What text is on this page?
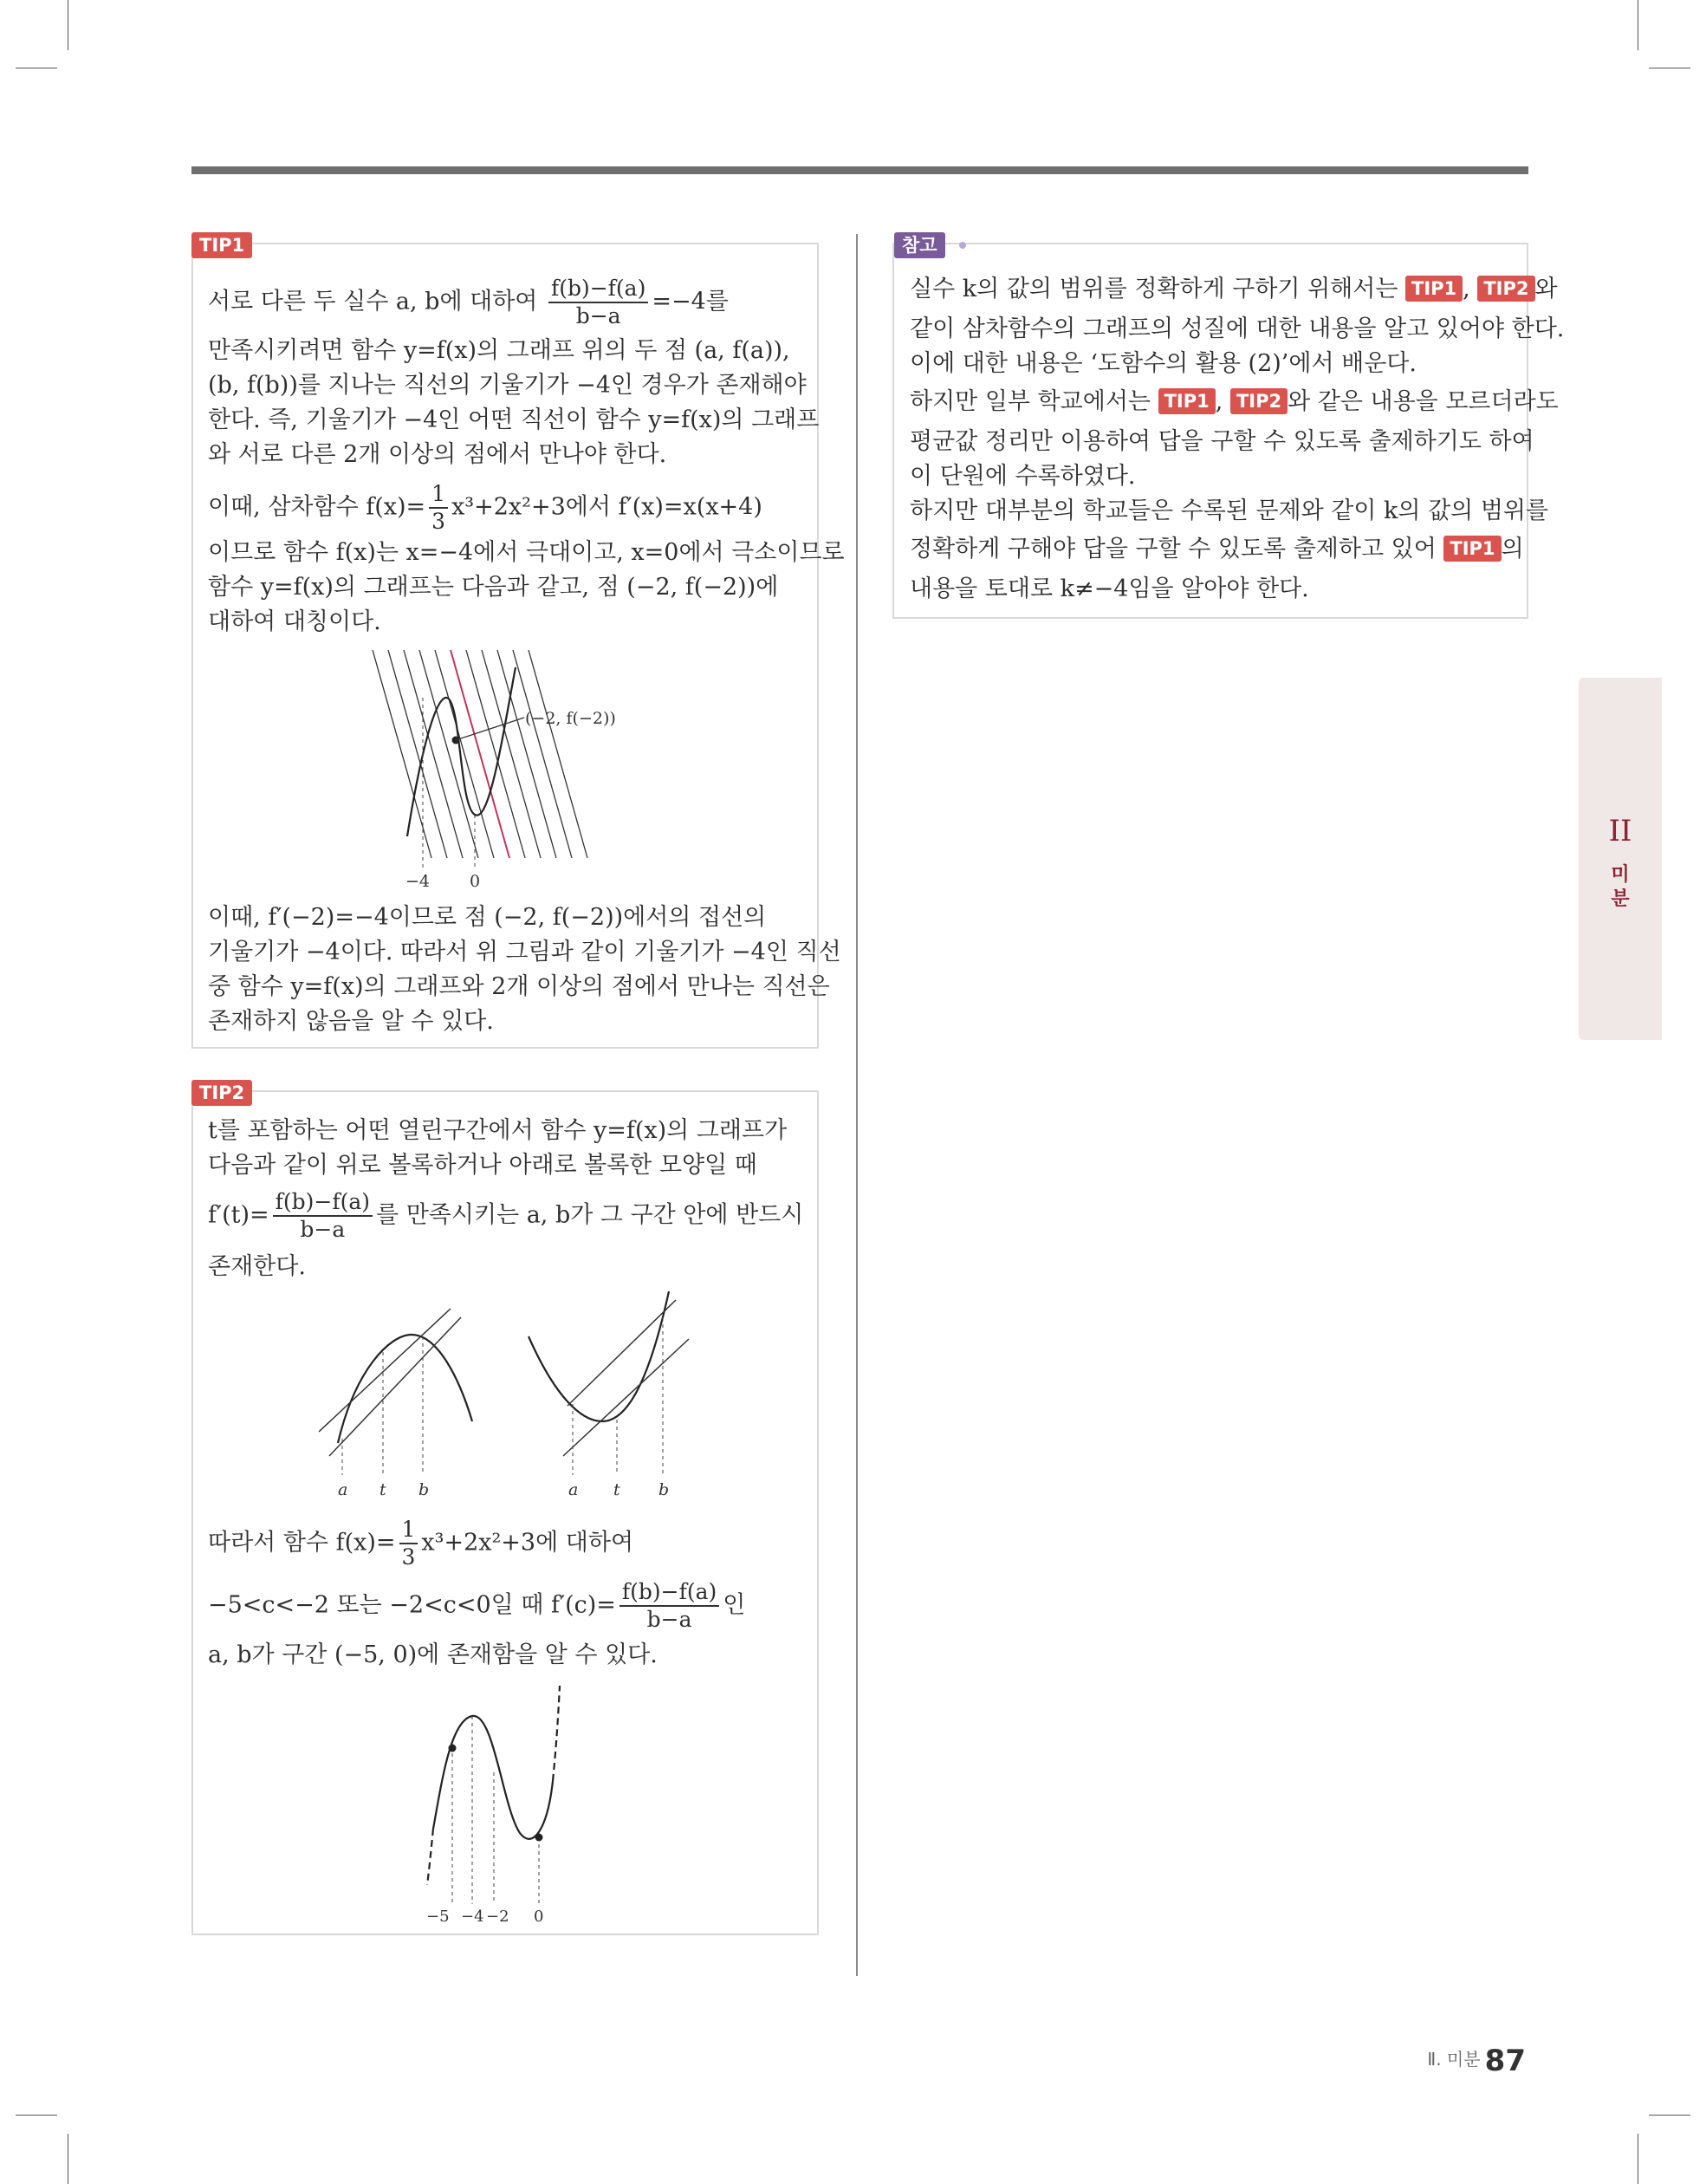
TIP1
서로 다른 두 실수 a, b에 대하여 $\frac{f(b)-f(a)}{b-a} =-4$를
만족시키려면 함수 y=f(x)의 그래프 위의 두 점 (a, f(a)),
(b, f(b))를 지나는 직선의 기울기가 −4인 경우가 존재해야
한다. 즉, 기울기가 −4인 어떤 직선이 함수 y=f(x)의 그래프
와 서로 다른 2개 이상의 점에서 만나야 한다.
이때, 삼차함수 $f(x)= \frac{1}{3} x^3+2x^2+3$에서 f′(x)=x(x+4)
이므로 함수 f(x)는 x=−4에서 극대이고, x=0에서 극소이므로
함수 y=f(x)의 그래프는 다음과 같고, 점 (−2, f(−2))에
대하여 대칭이다.
(−2, f(−2))
−4 0
이때, f′(−2)=−4이므로 점 (−2, f(−2))에서의 접선의
기울기가 −4이다. 따라서 위 그림과 같이 기울기가 −4인 직선
중 함수 y=f(x)의 그래프와 2개 이상의 점에서 만나는 직선은
존재하지 않음을 알 수 있다.
TIP2
t를 포함하는 어떤 열린구간에서 함수 y=f(x)의 그래프가
다음과 같이 위로 볼록하거나 아래로 볼록한 모양일 때
$f'(t)= \frac{f(b)-f(a)}{b-a}$ 를 만족시키는 a, b가 그 구간 안에 반드시
존재한다.
a t b	a t b
따라서 함수 $f(x)= \frac{1}{3} x^3+2x^2+3$에 대하여
−5<c<−2 또는 −2<c<0일 때 $f'(c)= \frac{f(b)-f(a)}{b-a}$ 인
a, b가 구간 (−5, 0)에 존재함을 알 수 있다.
−5 −4 −2 0
참고
실수 k의 값의 범위를 정확하게 구하기 위해서는 TIP1 , TIP2 와
같이 삼차함수의 그래프의 성질에 대한 내용을 알고 있어야 한다.
이에 대한 내용은 ‘도함수의 활용 (2)’에서 배운다.
하지만 일부 학교에서는 TIP1 , TIP2 와 같은 내용을 모르더라도
평균값 정리만 이용하여 답을 구할 수 있도록 출제하기도 하여
이 단원에 수록하였다.
하지만 대부분의 학교들은 수록된 문제와 같이 k의 값의 범위를
정확하게 구해야 답을 구할 수 있도록 출제하고 있어 TIP1 의
내용을 토대로 k≠−4임을 알아야 한다.
II
미
분
Ⅱ. 미분 87
